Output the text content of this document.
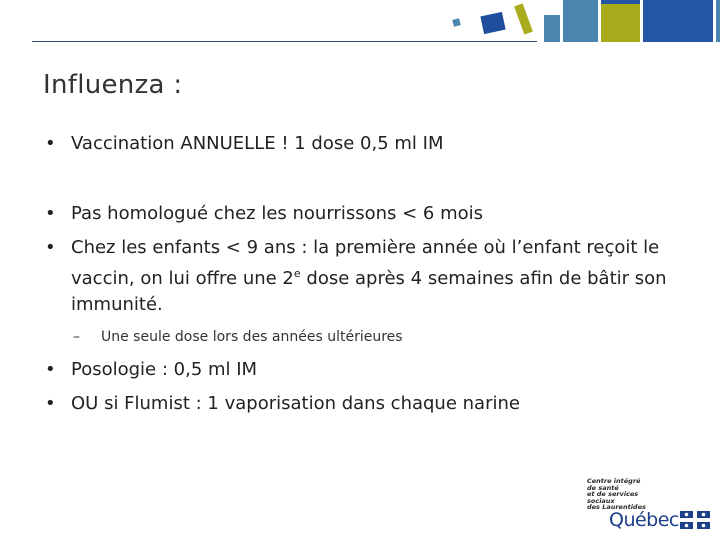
Influenza :
• Vaccination ANNUELLE ! 1 dose 0,5 ml IM
• Pas homologué chez les nourrissons < 6 mois
• Chez les enfants < 9 ans : la première année où l’enfant reçoit le vaccin, on lui offre une 2e dose après 4 semaines afin de bâtir son immunité.
– Une seule dose lors des années ultérieures
• Posologie : 0,5 ml IM
• OU si Flumist : 1 vaporisation dans chaque narine
Centre intégré
de santé
et de services sociaux
des Laurentides
Québec
